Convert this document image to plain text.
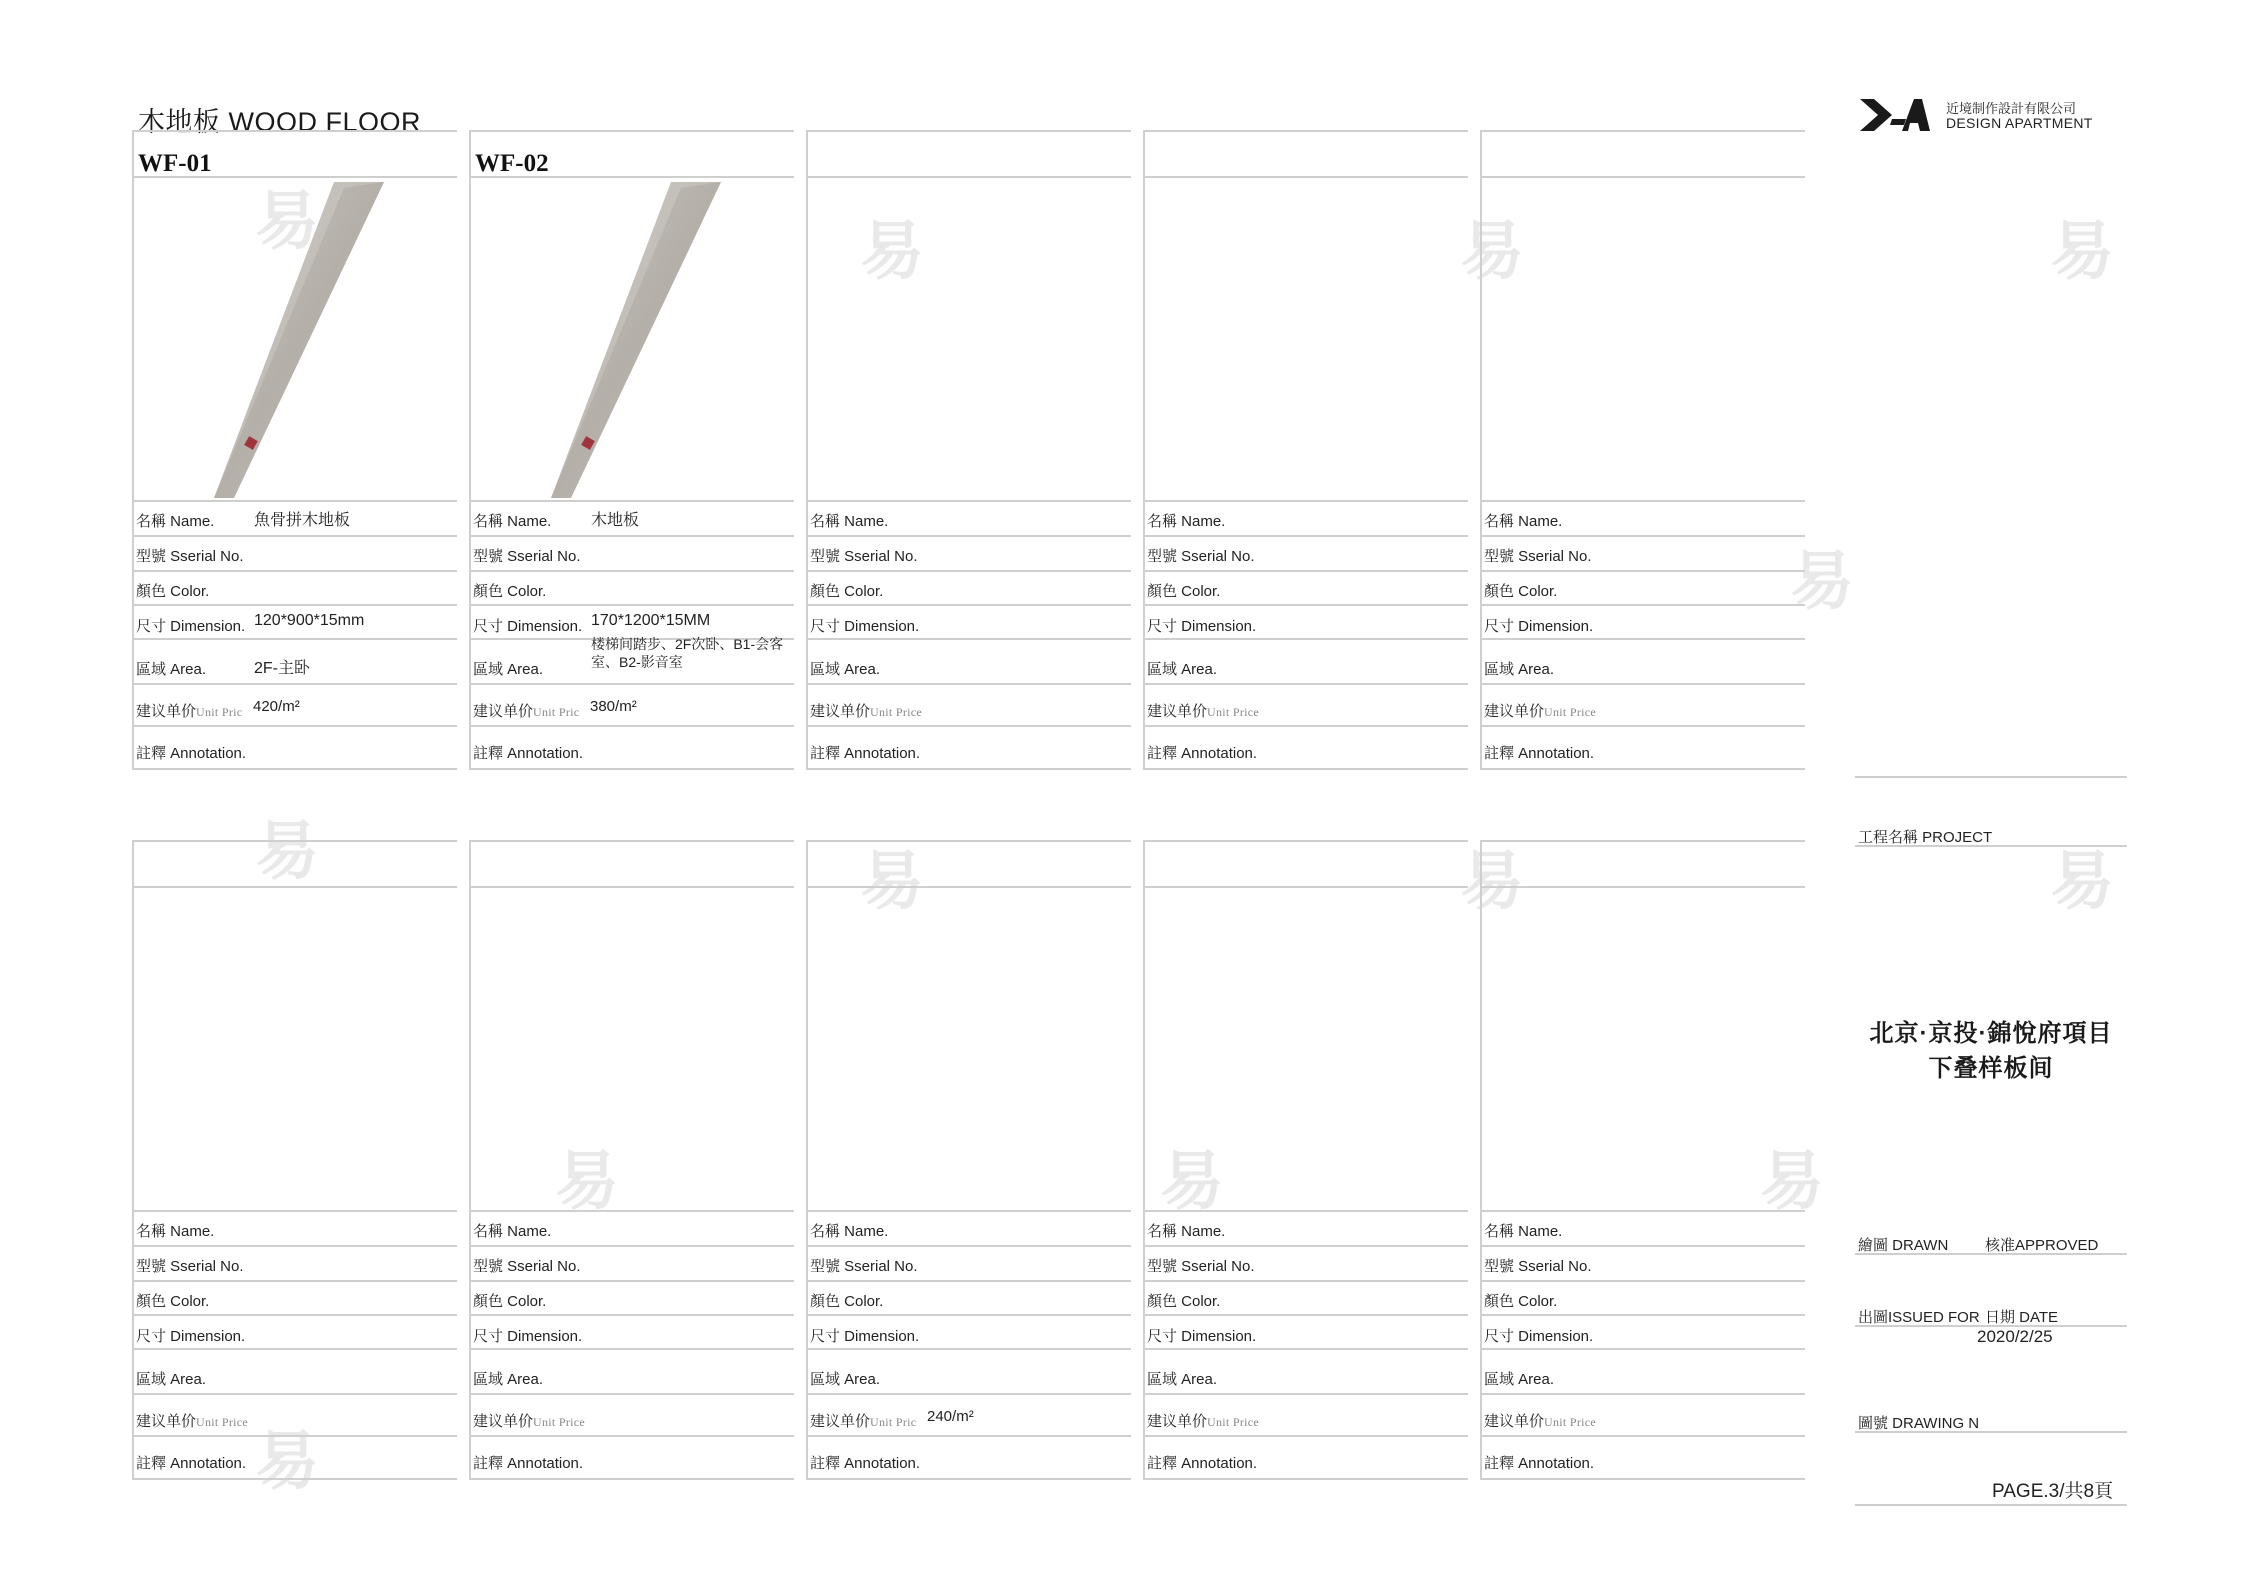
易	易	易	易
易
易	易	易	易
易	易	易
易
木地板 WOOD FLOOR
WF-01
名稱 Name. 魚骨拼木地板
型號 Sserial No.
顏色 Color.
尺寸 Dimension. 120*900*15mm
區域 Area.	2F-主卧
建议单价Unit Pric 420/m²
註釋 Annotation.
WF-02
名稱 Name. 木地板
型號 Sserial No.
顏色 Color.
尺寸 Dimension. 170*1200*15MM
區域 Area.
楼梯间踏步、2F次卧、B1-会客室、B2-影音室
建议单价Unit Pric 380/m²
註釋 Annotation.
名稱 Name.
型號 Sserial No.
顏色 Color.
尺寸 Dimension.
區域 Area.
建议单价Unit Price
註釋 Annotation.
名稱 Name.
型號 Sserial No.
顏色 Color.
尺寸 Dimension.
區域 Area.
建议单价Unit Price
註釋 Annotation.
名稱 Name.
型號 Sserial No.
顏色 Color.
尺寸 Dimension.
區域 Area.
建议单价Unit Price
註釋 Annotation.
名稱 Name.
型號 Sserial No.
顏色 Color.
尺寸 Dimension.
區域 Area.
建议单价Unit Price
註釋 Annotation.
名稱 Name.
型號 Sserial No.
顏色 Color.
尺寸 Dimension.
區域 Area.
建议单价Unit Price
註釋 Annotation.
名稱 Name.
型號 Sserial No.
顏色 Color.
尺寸 Dimension.
區域 Area.
建议单价Unit Pric 240/m²
註釋 Annotation.
名稱 Name.
型號 Sserial No.
顏色 Color.
尺寸 Dimension.
區域 Area.
建议单价Unit Price
註釋 Annotation.
名稱 Name.
型號 Sserial No.
顏色 Color.
尺寸 Dimension.
區域 Area.
建议单价Unit Price
註釋 Annotation.
近境制作設計有限公司
DESIGN APARTMENT
工程名稱 PROJECT
北京·京投·錦悅府項目
下叠样板间
繪圖 DRAWN 核准APPROVED
出圖ISSUED FOR 日期 DATE
2020/2/25
圖號 DRAWING N
PAGE.3/共8頁
